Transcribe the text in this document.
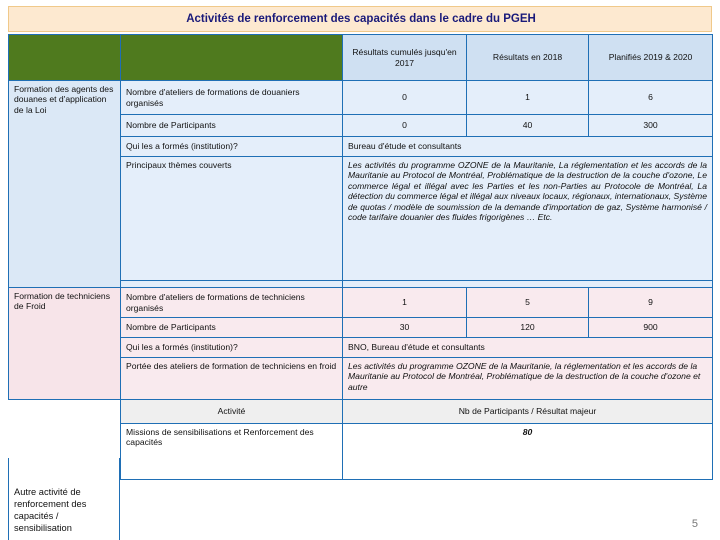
Activités de renforcement des capacités dans le cadre du PGEH
		Résultats cumulés jusqu'en 2017	Résultats en 2018	Planifiés 2019 & 2020
Formation des agents des douanes et d'application de la Loi	Nombre d'ateliers de formations de douaniers organisés	0	1	6
	Nombre de Participants	0	40	300
	Qui les a formés (institution)?	Bureau d'étude et consultants		
	Principaux thèmes couverts	Les activités du programme OZONE de la Mauritanie, La réglementation et les accords de la Mauritanie au Protocol de Montréal, Problématique de la destruction de la couche d'ozone, Le commerce légal et illégal avec les Parties et les non-Parties au Protocole de Montréal, La détection du commerce légal et illégal aux niveaux locaux, régionaux, internationaux, Système de quotas / modèle de soumission de la demande d'importation de gaz, Système harmonisé / code tarifaire douanier des fluides frigorigènes … Etc.		

Formation de techniciens de Froid	Nombre d'ateliers de formations de techniciens organisés	1	5	9
	Nombre de Participants	30	120	900
	Qui les a formés (institution)?	BNO, Bureau d'étude et consultants		
	Portée des ateliers de formation de techniciens en froid	Les activités du programme OZONE de la Mauritanie, la réglementation et les accords de la Mauritanie au Protocol de Montréal, Problématique de la destruction de la couche d'ozone et autre		
	Activité	Nb de Participants / Résultat majeur		
	Missions de sensibilisations et Renforcement des capacités	80		
Autre activité de renforcement des capacités / sensibilisation	5
